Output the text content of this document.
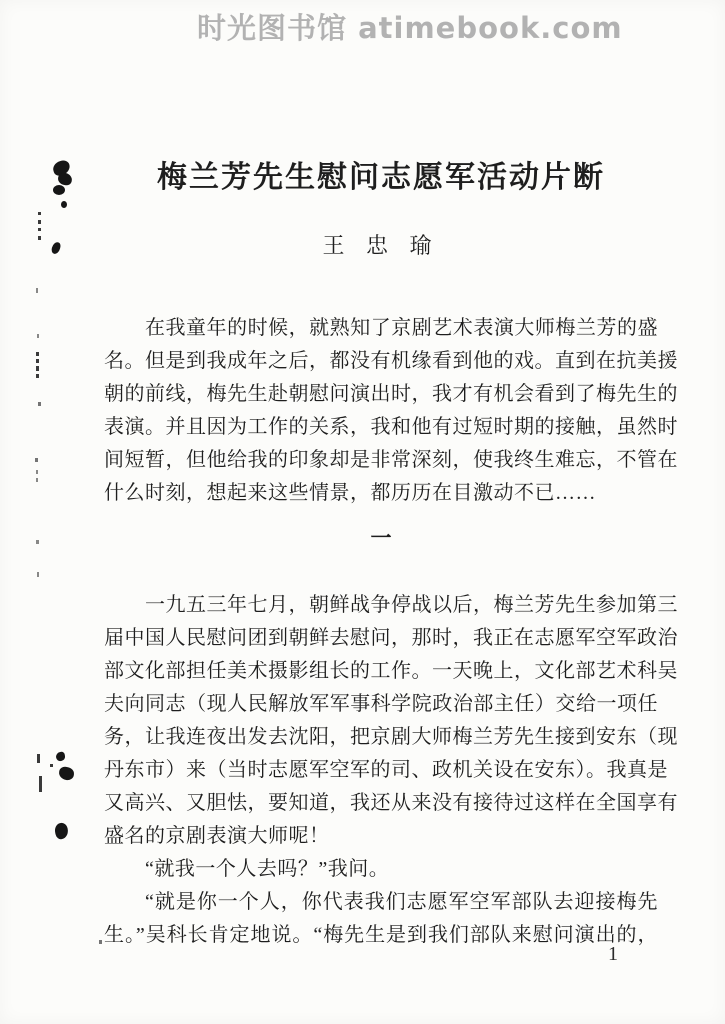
时光图书馆 atimebook.com
梅兰芳先生慰问志愿军活动片断
王 忠 瑜
在我童年的时候，就熟知了京剧艺术表演大师梅兰芳的盛
名。但是到我成年之后，都没有机缘看到他的戏。直到在抗美援
朝的前线，梅先生赴朝慰问演出时，我才有机会看到了梅先生的
表演。并且因为工作的关系，我和他有过短时期的接触，虽然时
间短暂，但他给我的印象却是非常深刻，使我终生难忘，不管在
什么时刻，想起来这些情景，都历历在目激动不已……
一
一九五三年七月，朝鲜战争停战以后，梅兰芳先生参加第三
届中国人民慰问团到朝鲜去慰问，那时，我正在志愿军空军政治
部文化部担任美术摄影组长的工作。一天晚上，文化部艺术科吴
夫向同志（现人民解放军军事科学院政治部主任）交给一项任
务，让我连夜出发去沈阳，把京剧大师梅兰芳先生接到安东（现
丹东市）来（当时志愿军空军的司、政机关设在安东）。我真是
又高兴、又胆怯，要知道，我还从来没有接待过这样在全国享有
盛名的京剧表演大师呢！
“就我一个人去吗？”我问。
“就是你一个人，你代表我们志愿军空军部队去迎接梅先
生。”吴科长肯定地说。“梅先生是到我们部队来慰问演出的，
1
